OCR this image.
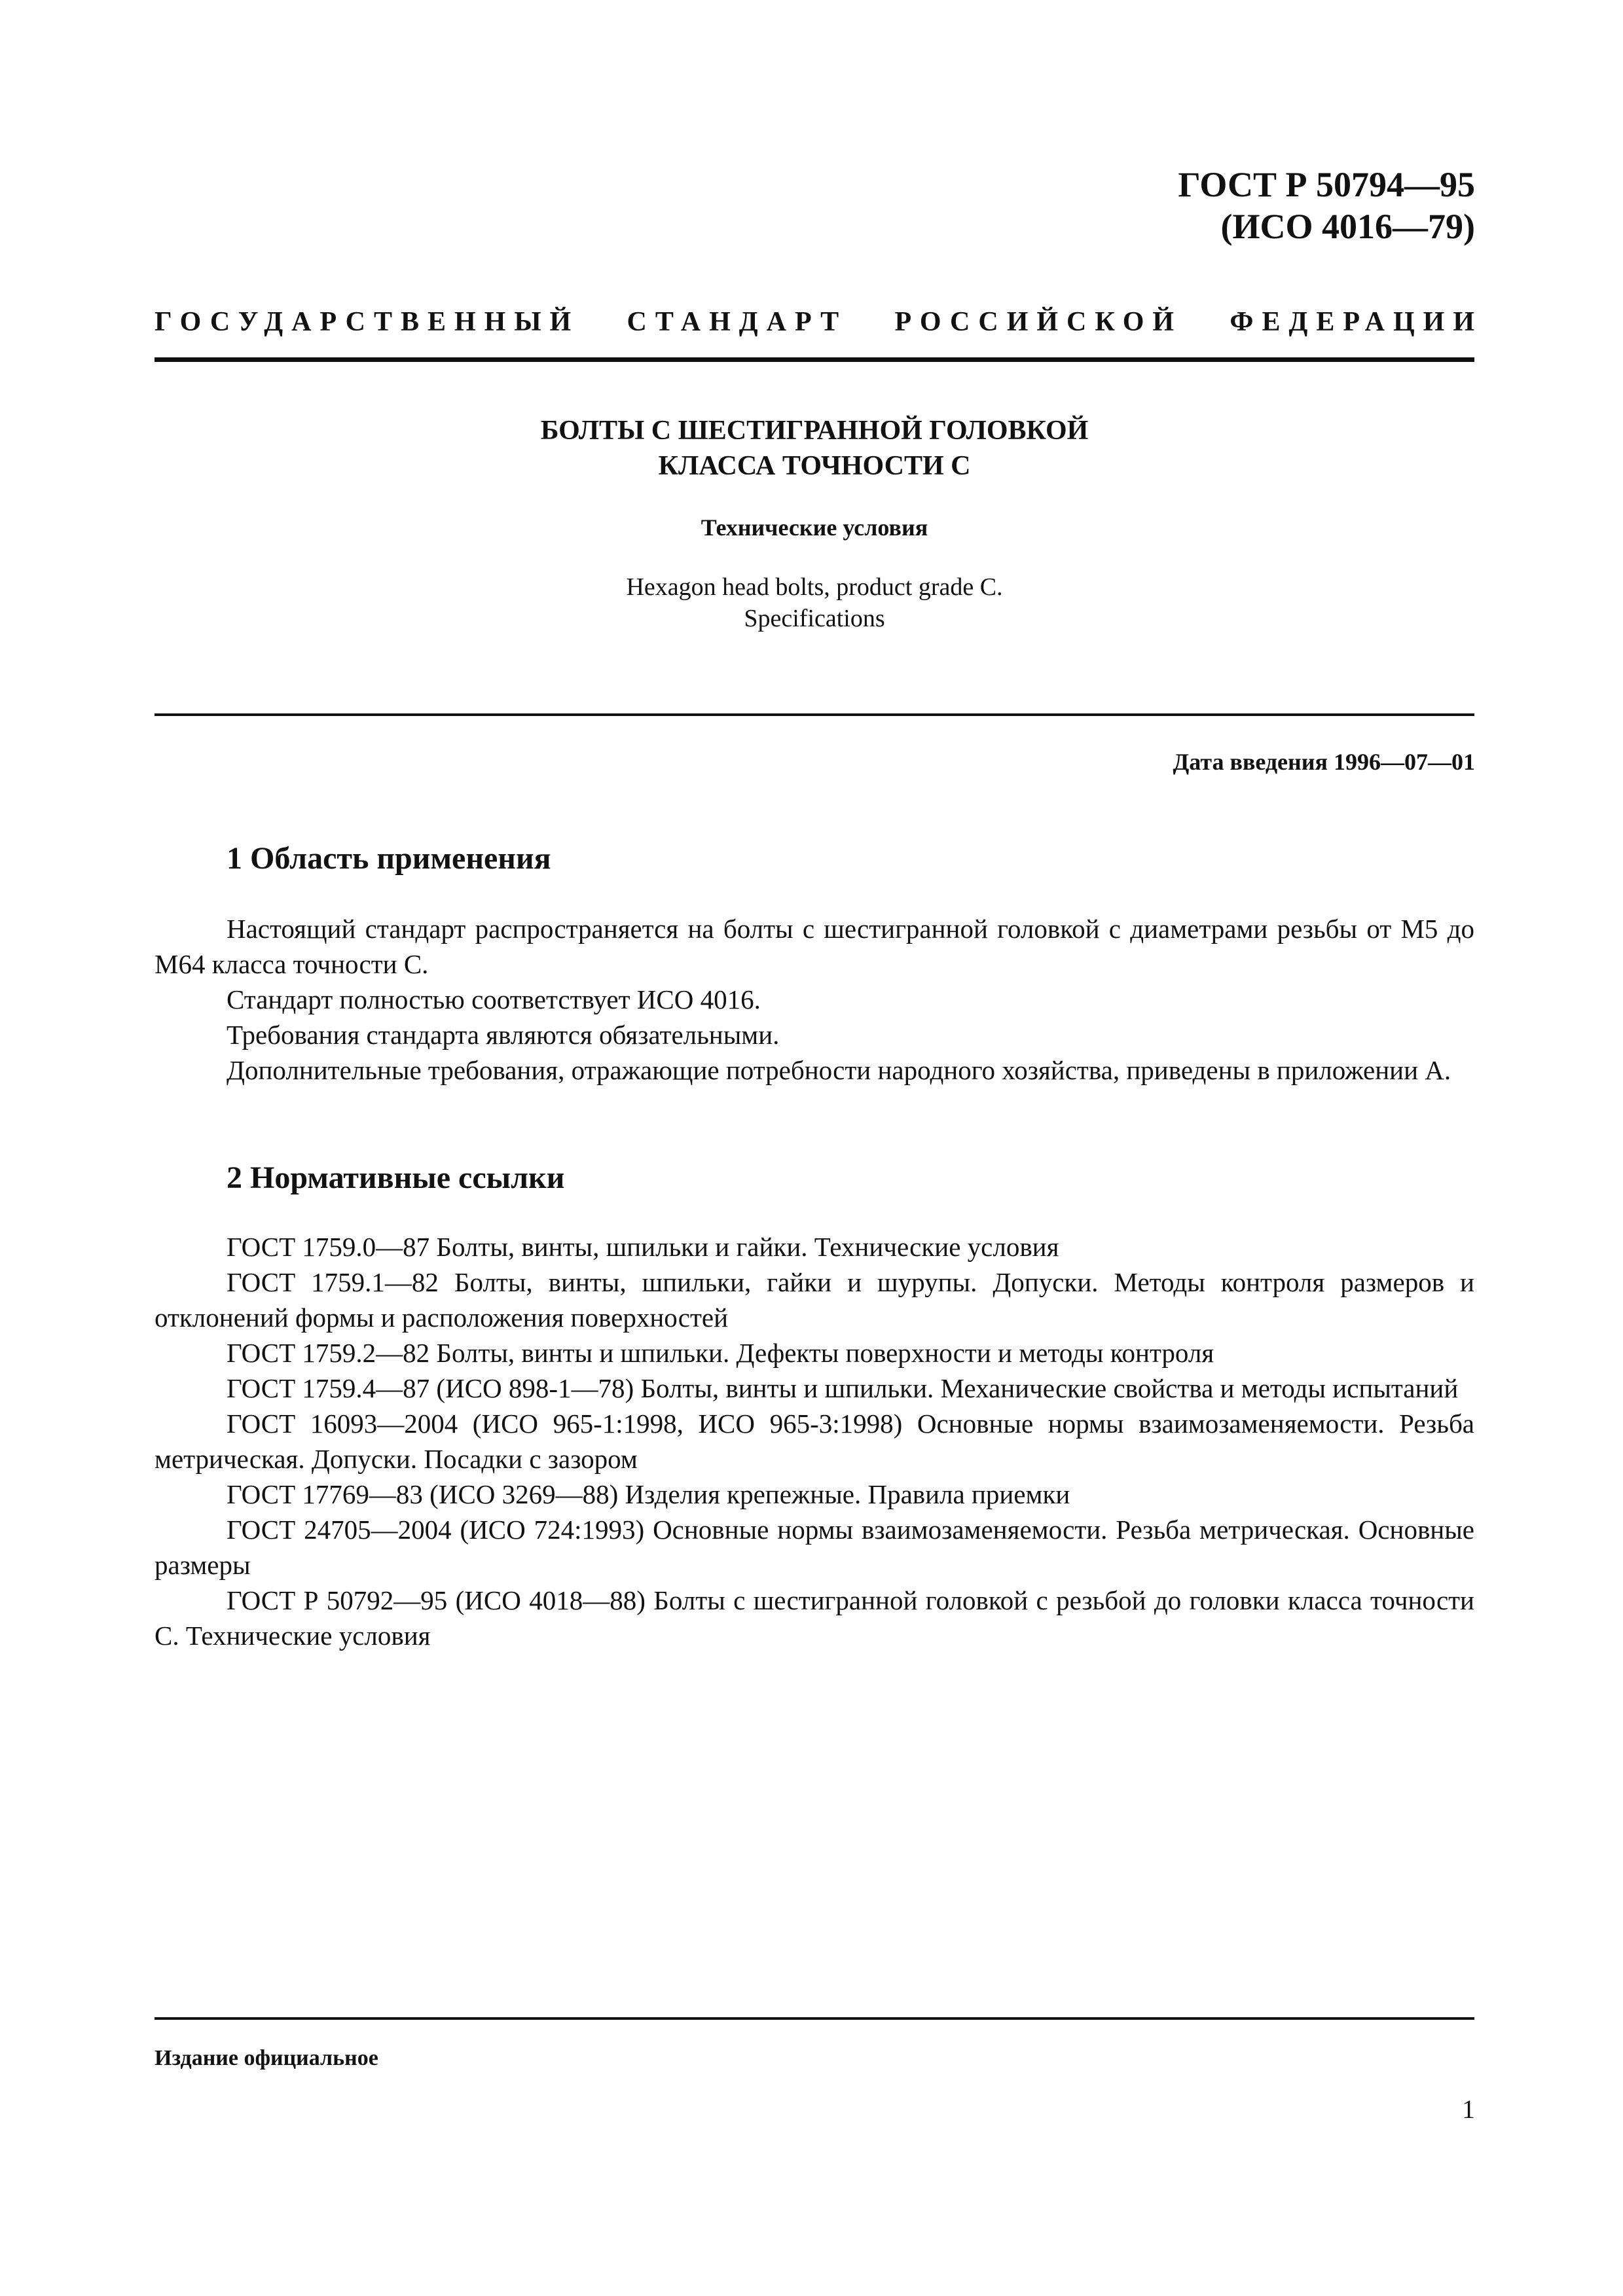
ГОСТ Р 50794—95
(ИСО 4016—79)
ГОСУДАРСТВЕННЫЙ СТАНДАРТ РОССИЙСКОЙ ФЕДЕРАЦИИ
БОЛТЫ С ШЕСТИГРАННОЙ ГОЛОВКОЙ
КЛАССА ТОЧНОСТИ С
Технические условия
Hexagon head bolts, product grade C.
Specifications
Дата введения 1996—07—01
1 Область применения

Настоящий стандарт распространяется на болты с шестигранной головкой с диаметрами резьбы от М5 до М64 класса точности С.

Стандарт полностью соответствует ИСО 4016.

Требования стандарта являются обязательными.

Дополнительные требования, отражающие потребности народного хозяйства, приведены в приложении А.

2 Нормативные ссылки

ГОСТ 1759.0—87 Болты, винты, шпильки и гайки. Технические условия

ГОСТ 1759.1—82 Болты, винты, шпильки, гайки и шурупы. Допуски. Методы контроля размеров и отклонений формы и расположения поверхностей

ГОСТ 1759.2—82 Болты, винты и шпильки. Дефекты поверхности и методы контроля

ГОСТ 1759.4—87 (ИСО 898-1—78) Болты, винты и шпильки. Механические свойства и методы испытаний

ГОСТ 16093—2004 (ИСО 965-1:1998, ИСО 965-3:1998) Основные нормы взаимозаменяемости. Резьба метрическая. Допуски. Посадки с зазором

ГОСТ 17769—83 (ИСО 3269—88) Изделия крепежные. Правила приемки

ГОСТ 24705—2004 (ИСО 724:1993) Основные нормы взаимозаменяемости. Резьба метрическая. Основные размеры

ГОСТ Р 50792—95 (ИСО 4018—88) Болты с шестигранной головкой с резьбой до головки класса точности С. Технические условия

Издание официальное
1
